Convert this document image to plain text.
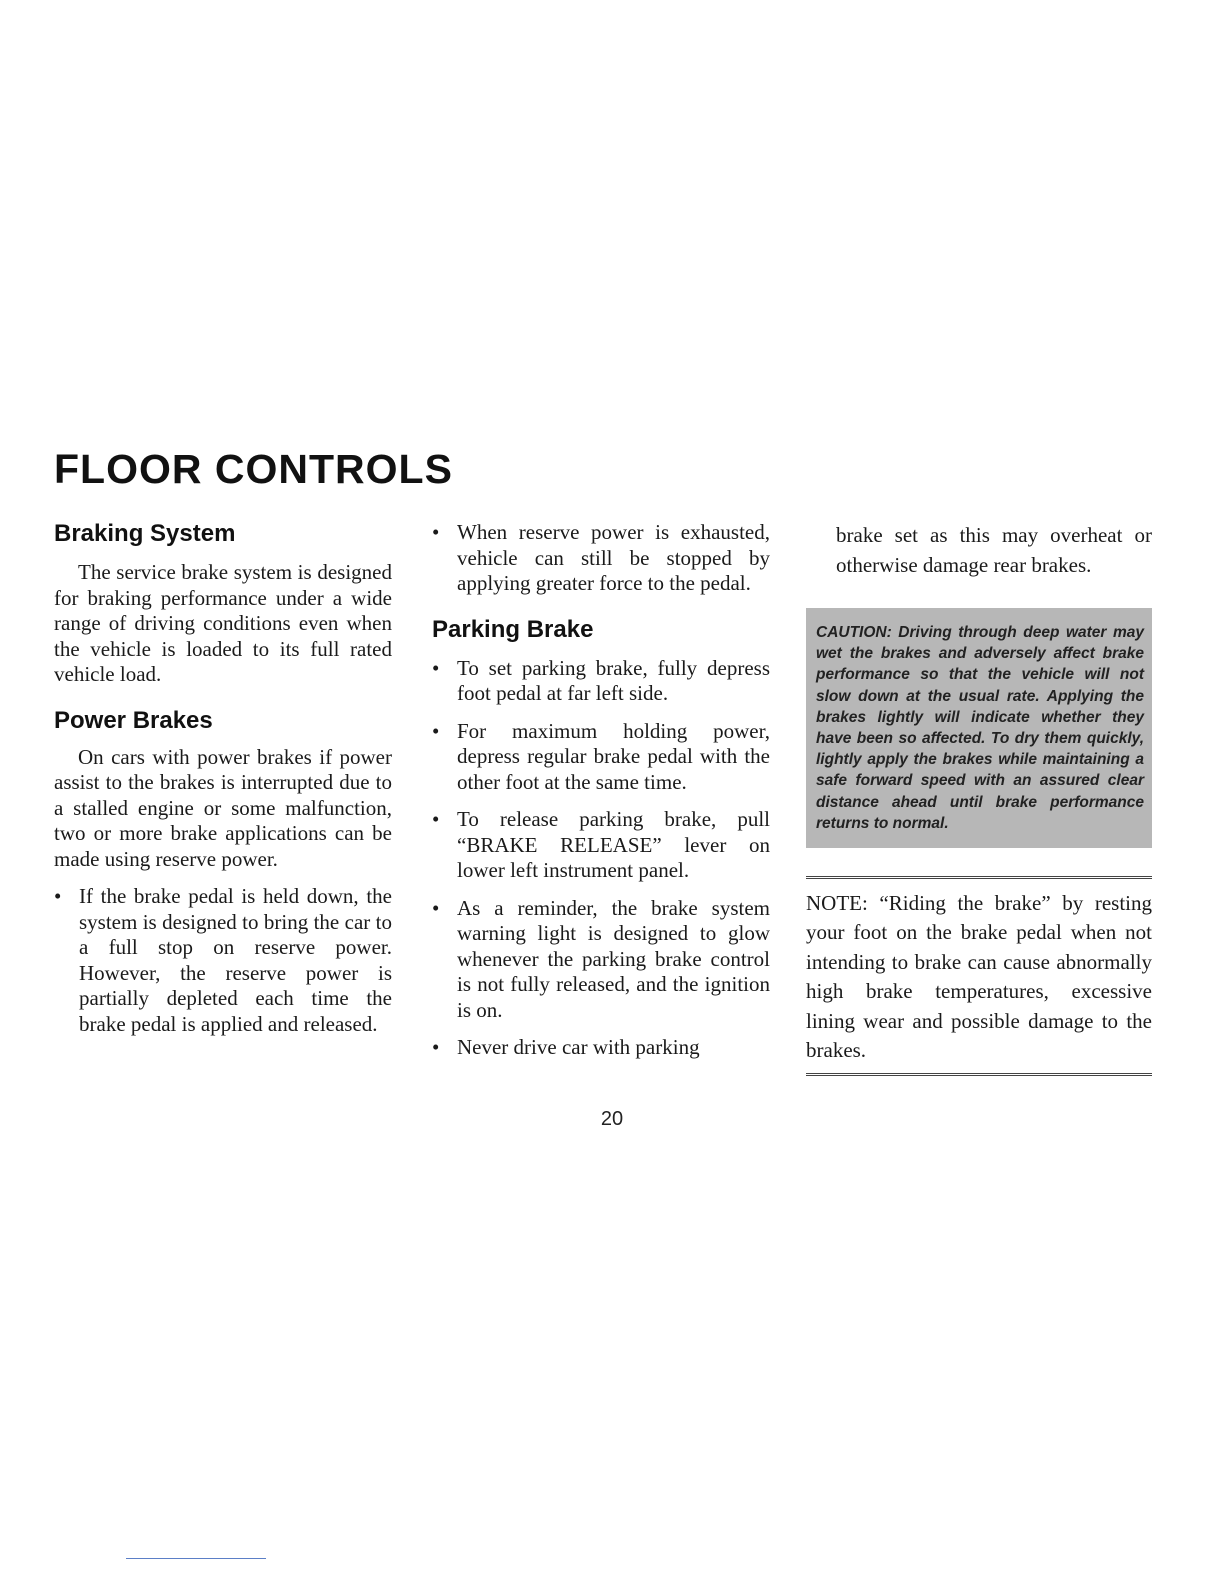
FLOOR CONTROLS
Braking System

The service brake system is designed for braking performance under a wide range of driving conditions even when the vehicle is loaded to its full rated vehicle load.

Power Brakes

On cars with power brakes if power assist to the brakes is interrupted due to a stalled engine or some malfunction, two or more brake applications can be made using reserve power.

• If the brake pedal is held down, the system is designed to bring the car to a full stop on reserve power. However, the reserve power is partially depleted each time the brake pedal is applied and released.
• When reserve power is exhausted, vehicle can still be stopped by applying greater force to the pedal.
Parking Brake
• To set parking brake, fully depress foot pedal at far left side.
• For maximum holding power, depress regular brake pedal with the other foot at the same time.
• To release parking brake, pull “BRAKE RELEASE” lever on lower left instrument panel.
• As a reminder, the brake system warning light is designed to glow whenever the parking brake control is not fully released, and the ignition is on.
• Never drive car with parking

brake set as this may overheat or otherwise damage rear brakes.

CAUTION: Driving through deep water may wet the brakes and adversely affect brake performance so that the vehicle will not slow down at the usual rate. Applying the brakes lightly will indicate whether they have been so affected. To dry them quickly, lightly apply the brakes while maintaining a safe forward speed with an assured clear distance ahead until brake performance returns to normal.

NOTE: “Riding the brake” by resting your foot on the brake pedal when not intending to brake can cause abnormally high brake temperatures, excessive lining wear and possible damage to the brakes.

20
